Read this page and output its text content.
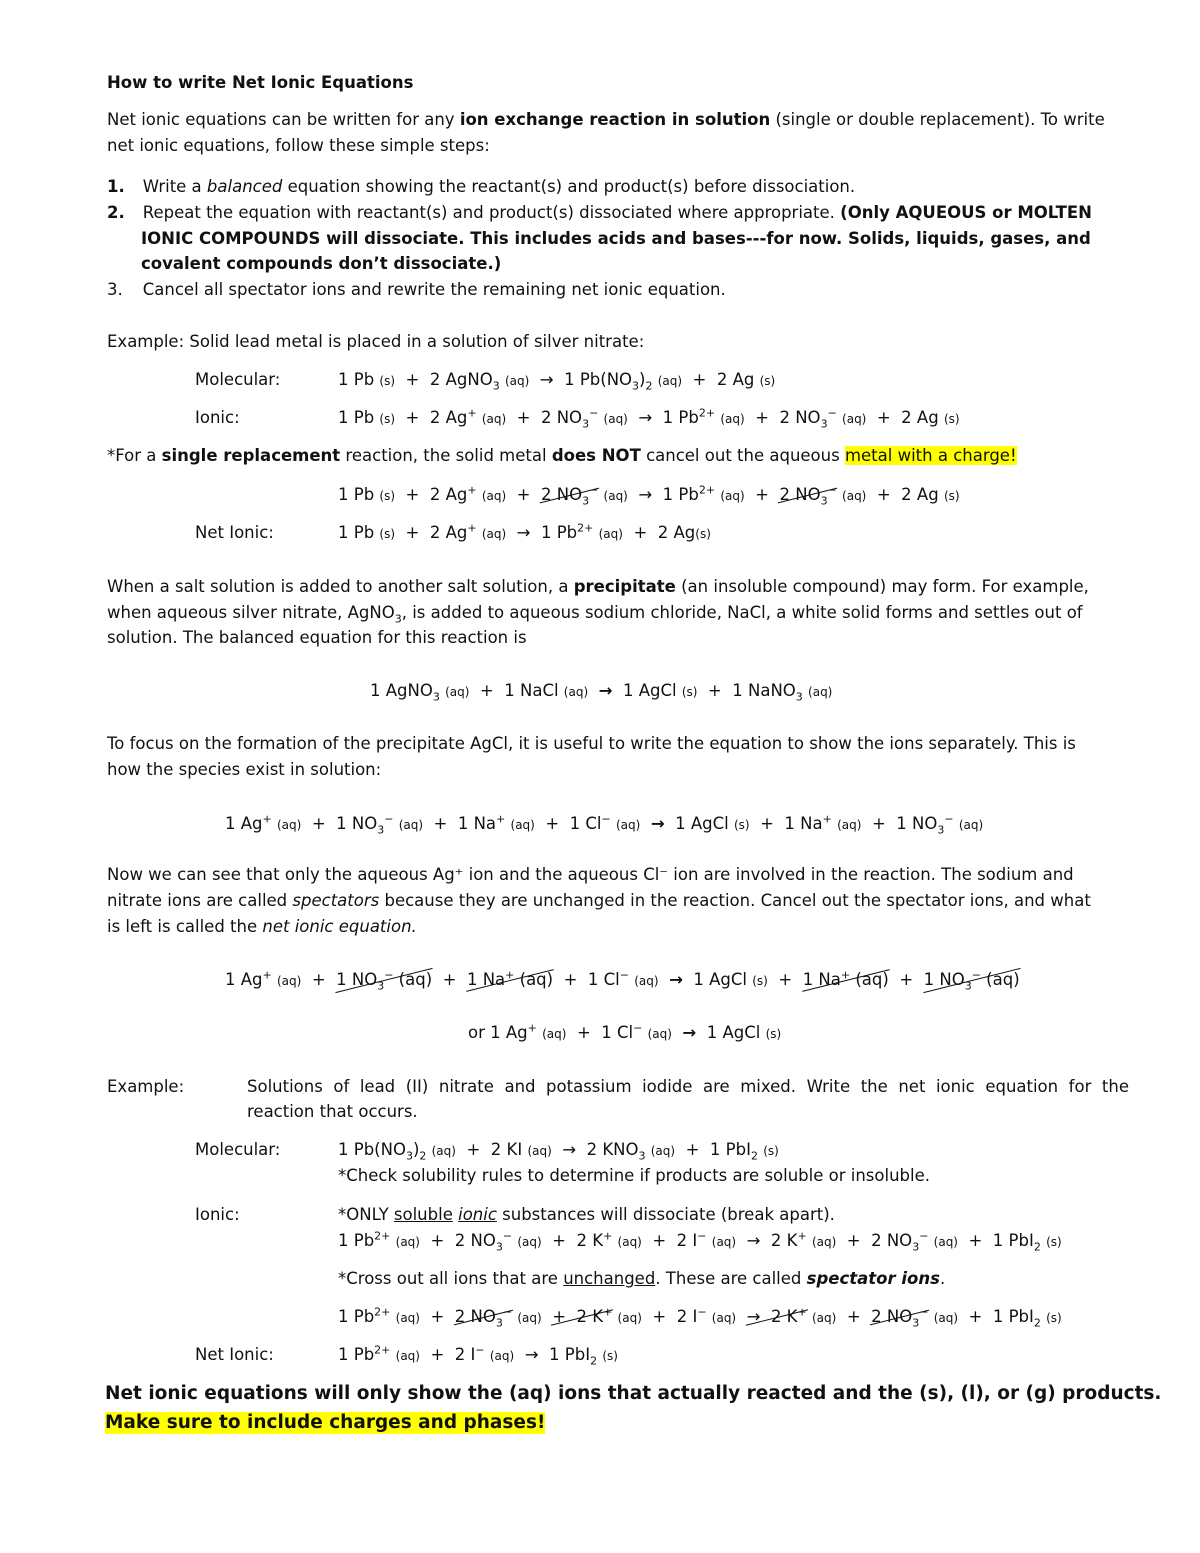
How to write Net Ionic Equations
Net ionic equations can be written for any ion exchange reaction in solution (single or double replacement). To write
net ionic equations, follow these simple steps:
1. Write a balanced equation showing the reactant(s) and product(s) before dissociation.
2. Repeat the equation with reactant(s) and product(s) dissociated where appropriate. (Only AQUEOUS or MOLTEN
IONIC COMPOUNDS will dissociate. This includes acids and bases---for now. Solids, liquids, gases, and
covalent compounds don’t dissociate.)
3. Cancel all spectator ions and rewrite the remaining net ionic equation.
Example: Solid lead metal is placed in a solution of silver nitrate:
Molecular:	1 Pb (s)  +  2 AgNO$_3$ (aq)  →  1 $Pb(NO_3)_2$ (aq)  +  2 Ag (s)
Ionic:	1 Pb (s)  +  2 Ag+ (aq)  +  2 $NO_3^-$ (aq)  →  1 $Pb^{2+}$ (aq)  +  2 $NO_3^-$ (aq)  +  2 Ag (s)
*For a single replacement reaction, the solid metal does NOT cancel out the aqueous metal with a charge!
1 Pb (s)  +  2 Ag+ (aq)  +  2 $NO_3^-$ (aq)  →  1 $Pb^{2+}$ (aq)  +  2 $NO_3^-$ (aq)  +  2 Ag (s)
Net Ionic:	1 Pb (s)  +  2 Ag+ (aq)  →  1 $Pb^{2+}$ (aq)  +  2 Ag(s)
When a salt solution is added to another salt solution, a precipitate (an insoluble compound) may form. For example,
when aqueous silver nitrate, AgNO$_3$, is added to aqueous sodium chloride, NaCl, a white solid forms and settles out of
solution. The balanced equation for this reaction is
1 AgNO$_3$ (aq)  +  1 NaCl (aq) →  1 AgCl (s)  +  1 NaNO$_3$ (aq)
To focus on the formation of the precipitate AgCl, it is useful to write the equation to show the ions separately. This is
how the species exist in solution:
1 Ag+ (aq)  +  1 $NO_3^-$ (aq)  +  1 Na+ (aq)  +  1 Cl− (aq) →  1 AgCl (s)  +  1 Na+ (aq)  +  1 $NO_3^-$ (aq)
Now we can see that only the aqueous Ag⁺ ion and the aqueous Cl⁻ ion are involved in the reaction. The sodium and
nitrate ions are called spectators because they are unchanged in the reaction. Cancel out the spectator ions, and what
is left is called the net ionic equation.
1 Ag+ (aq)  +  1 $NO_3^-$ (aq)  +  1 Na+ (aq)  +  1 Cl− (aq) →  1 AgCl (s)  +  1 Na+ (aq)  +  1 $NO_3^-$ (aq)
or 1 Ag+ (aq)  +  1 Cl− (aq) →  1 AgCl (s)
Example:	Solutions of lead (II) nitrate and potassium iodide are mixed. Write the net ionic equation for the
reaction that occurs.
Molecular:	1 $Pb(NO_3)_2$ (aq)  +  2 KI (aq)  →  2 $KNO_3$ (aq)  +  1 PbI$_2$ (s)
*Check solubility rules to determine if products are soluble or insoluble.
Ionic:	*ONLY soluble ionic substances will dissociate (break apart).
1 $Pb^{2+}$ (aq)  +  2 $NO_3^-$ (aq)  +  2 K+ (aq)  +  2 I− (aq)  →  2 K+ (aq)  +  2 $NO_3^-$ (aq)  +  1 PbI$_2$ (s)
*Cross out all ions that are unchanged. These are called spectator ions.
1 $Pb^{2+}$ (aq)  +  2 $NO_3^-$ (aq) +  2 K+ (aq)  +  2 I− (aq) →  2 K+ (aq)  +  2 $NO_3^-$ (aq)  +  1 PbI$_2$ (s)
Net Ionic:	1 $Pb^{2+}$ (aq)  +  2 I− (aq)  →  1 PbI$_2$ (s)
Net ionic equations will only show the (aq) ions that actually reacted and the (s), (l), or (g) products.
Make sure to include charges and phases!
